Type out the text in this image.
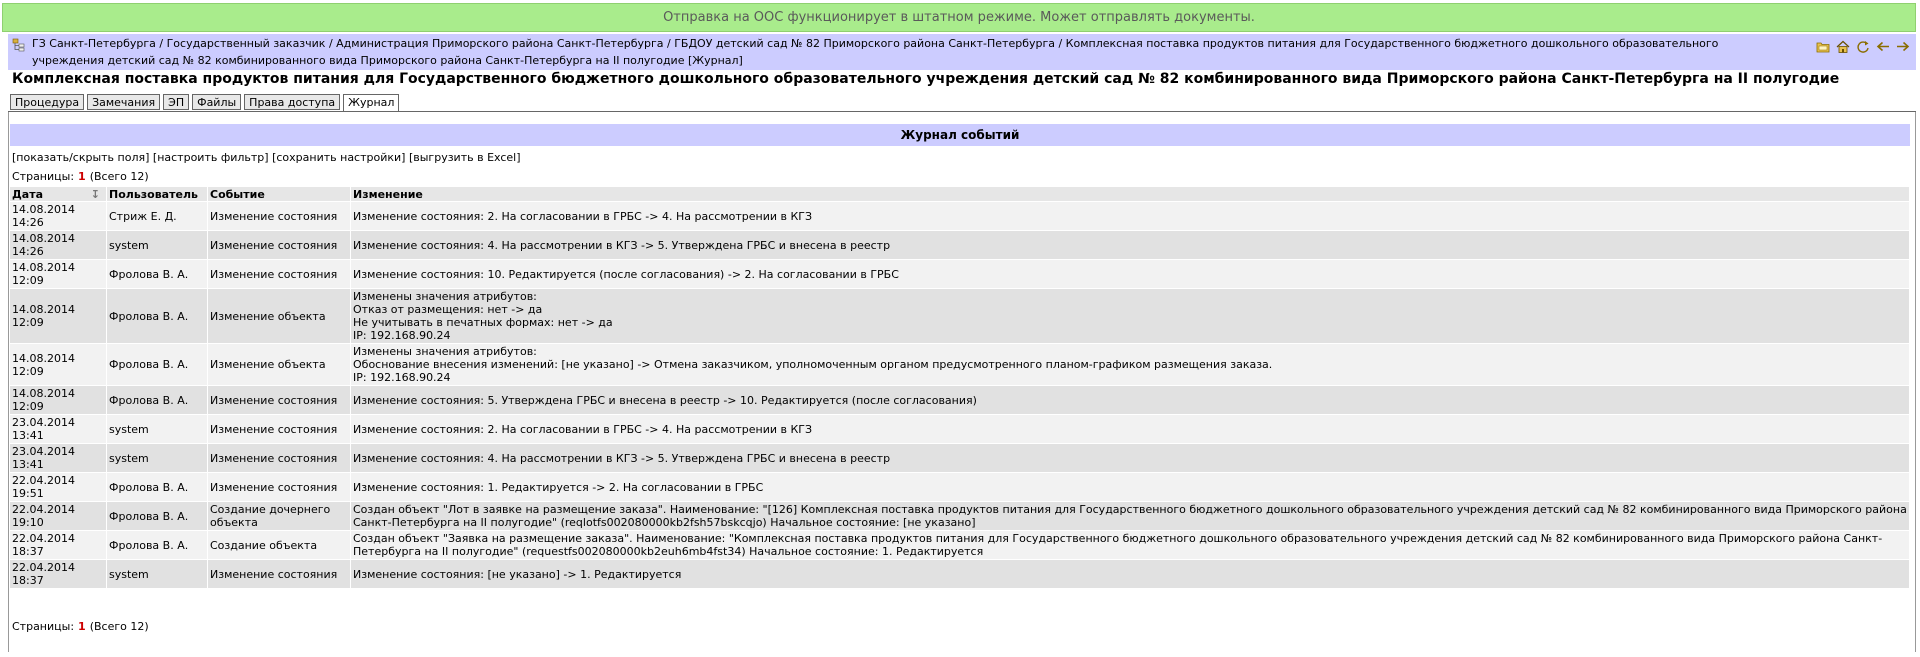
Отправка на ООС функционирует в штатном режиме. Может отправлять документы.
ГЗ Санкт-Петербурга / Государственный заказчик / Администрация Приморского района Санкт-Петербурга / ГБДОУ детский сад № 82 Приморского района Санкт-Петербурга / Комплексная поставка продуктов питания для Государственного бюджетного дошкольного образовательного учреждения детский сад № 82 комбинированного вида Приморского района Санкт-Петербурга на II полугодие [Журнал]
Комплексная поставка продуктов питания для Государственного бюджетного дошкольного образовательного учреждения детский сад № 82 комбинированного вида Приморского района Санкт-Петербурга на II полугодие
Процедура	Замечания	ЭП	Файлы	Права доступа	Журнал
Журнал событий
[показать/скрыть поля] [настроить фильтр] [сохранить настройки] [выгрузить в Excel]
Страницы: 1 (Всего 12)
Дата ↧	Пользователь	Событие	Изменение
14.08.2014
14:26	Стриж Е. Д.	Изменение состояния	Изменение состояния: 2. На согласовании в ГРБС -> 4. На рассмотрении в КГЗ
14.08.2014
14:26	system	Изменение состояния	Изменение состояния: 4. На рассмотрении в КГЗ -> 5. Утверждена ГРБС и внесена в реестр
14.08.2014
12:09	Фролова В. А.	Изменение состояния	Изменение состояния: 10. Редактируется (после согласования) -> 2. На согласовании в ГРБС
14.08.2014
12:09	Фролова В. А.	Изменение объекта	Изменены значения атрибутов:
Отказ от размещения: нет -> да
Не учитывать в печатных формах: нет -> да
IP: 192.168.90.24
14.08.2014
12:09	Фролова В. А.	Изменение объекта	Изменены значения атрибутов:
Обоснование внесения изменений: [не указано] -> Отмена заказчиком, уполномоченным органом предусмотренного планом-графиком размещения заказа.
IP: 192.168.90.24
14.08.2014
12:09	Фролова В. А.	Изменение состояния	Изменение состояния: 5. Утверждена ГРБС и внесена в реестр -> 10. Редактируется (после согласования)
23.04.2014
13:41	system	Изменение состояния	Изменение состояния: 2. На согласовании в ГРБС -> 4. На рассмотрении в КГЗ
23.04.2014
13:41	system	Изменение состояния	Изменение состояния: 4. На рассмотрении в КГЗ -> 5. Утверждена ГРБС и внесена в реестр
22.04.2014
19:51	Фролова В. А.	Изменение состояния	Изменение состояния: 1. Редактируется -> 2. На согласовании в ГРБС
22.04.2014
19:10	Фролова В. А.	Создание дочернего
объекта	Создан объект "Лот в заявке на размещение заказа". Наименование: "[126] Комплексная поставка продуктов питания для Государственного бюджетного дошкольного образовательного учреждения детский сад № 82 комбинированного вида Приморского района Санкт-Петербурга на II полугодие" (reqlotfs002080000kb2fsh57bskcqjo) Начальное состояние: [не указано]
22.04.2014
18:37	Фролова В. А.	Создание объекта	Создан объект "Заявка на размещение заказа". Наименование: "Комплексная поставка продуктов питания для Государственного бюджетного дошкольного образовательного учреждения детский сад № 82 комбинированного вида Приморского района Санкт-Петербурга на II полугодие" (requestfs002080000kb2euh6mb4fst34) Начальное состояние: 1. Редактируется
22.04.2014
18:37	system	Изменение состояния	Изменение состояния: [не указано] -> 1. Редактируется
Страницы: 1 (Всего 12)
